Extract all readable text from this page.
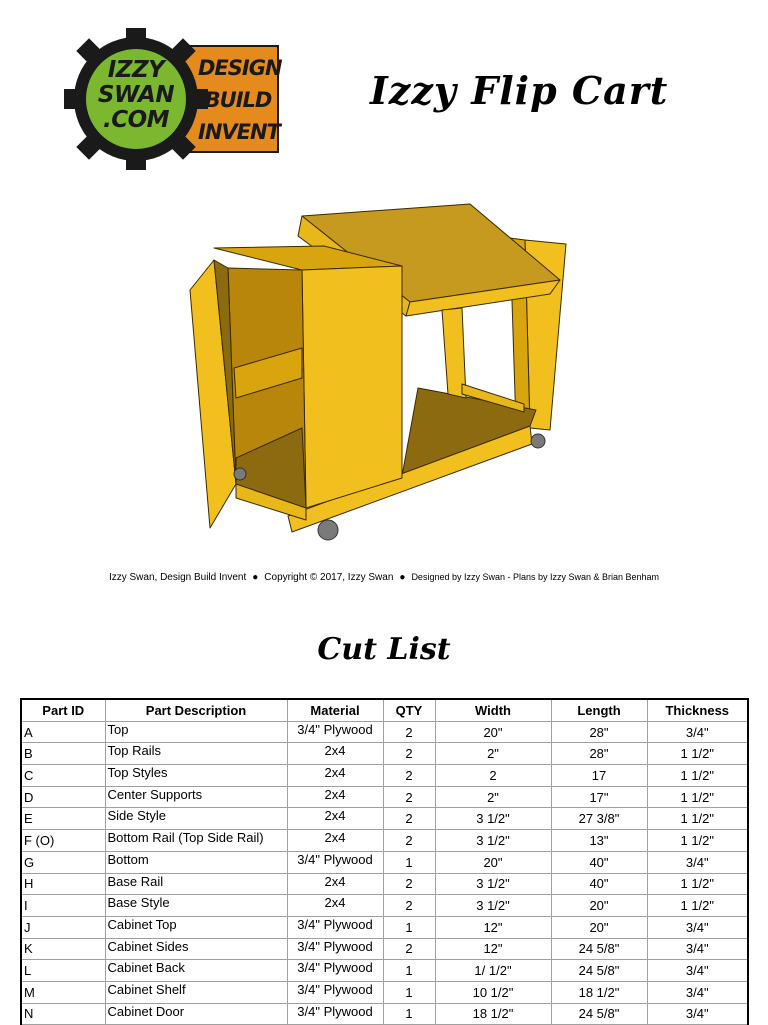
IZZY
SWAN
.COM
DESIGN
BUILD
INVENT
Izzy Flip Cart
Izzy Swan, Design Build Invent ● Copyright © 2017, Izzy Swan ● Designed by Izzy Swan - Plans by Izzy Swan & Brian Benham
Cut List
Part ID	Part Description	Material	QTY	Width	Length	Thickness
A	Top	3/4" Plywood	2	20"	28"	3/4"
B	Top Rails	2x4	2	2"	28"	1 1/2"
C	Top Styles	2x4	2	2	17	1 1/2"
D	Center Supports	2x4	2	2"	17"	1 1/2"
E	Side Style	2x4	2	3 1/2"	27 3/8"	1 1/2"
F (O)	Bottom Rail (Top Side Rail)	2x4	2	3 1/2"	13"	1 1/2"
G	Bottom	3/4" Plywood	1	20"	40"	3/4"
H	Base Rail	2x4	2	3 1/2"	40"	1 1/2"
I	Base Style	2x4	2	3 1/2"	20"	1 1/2"
J	Cabinet Top	3/4" Plywood	1	12"	20"	3/4"
K	Cabinet Sides	3/4" Plywood	2	12"	24 5/8"	3/4"
L	Cabinet Back	3/4" Plywood	1	1/ 1/2"	24 5/8"	3/4"
M	Cabinet Shelf	3/4" Plywood	1	10 1/2"	18 1/2"	3/4"
N	Cabinet Door	3/4" Plywood	1	18 1/2"	24 5/8"	3/4"
